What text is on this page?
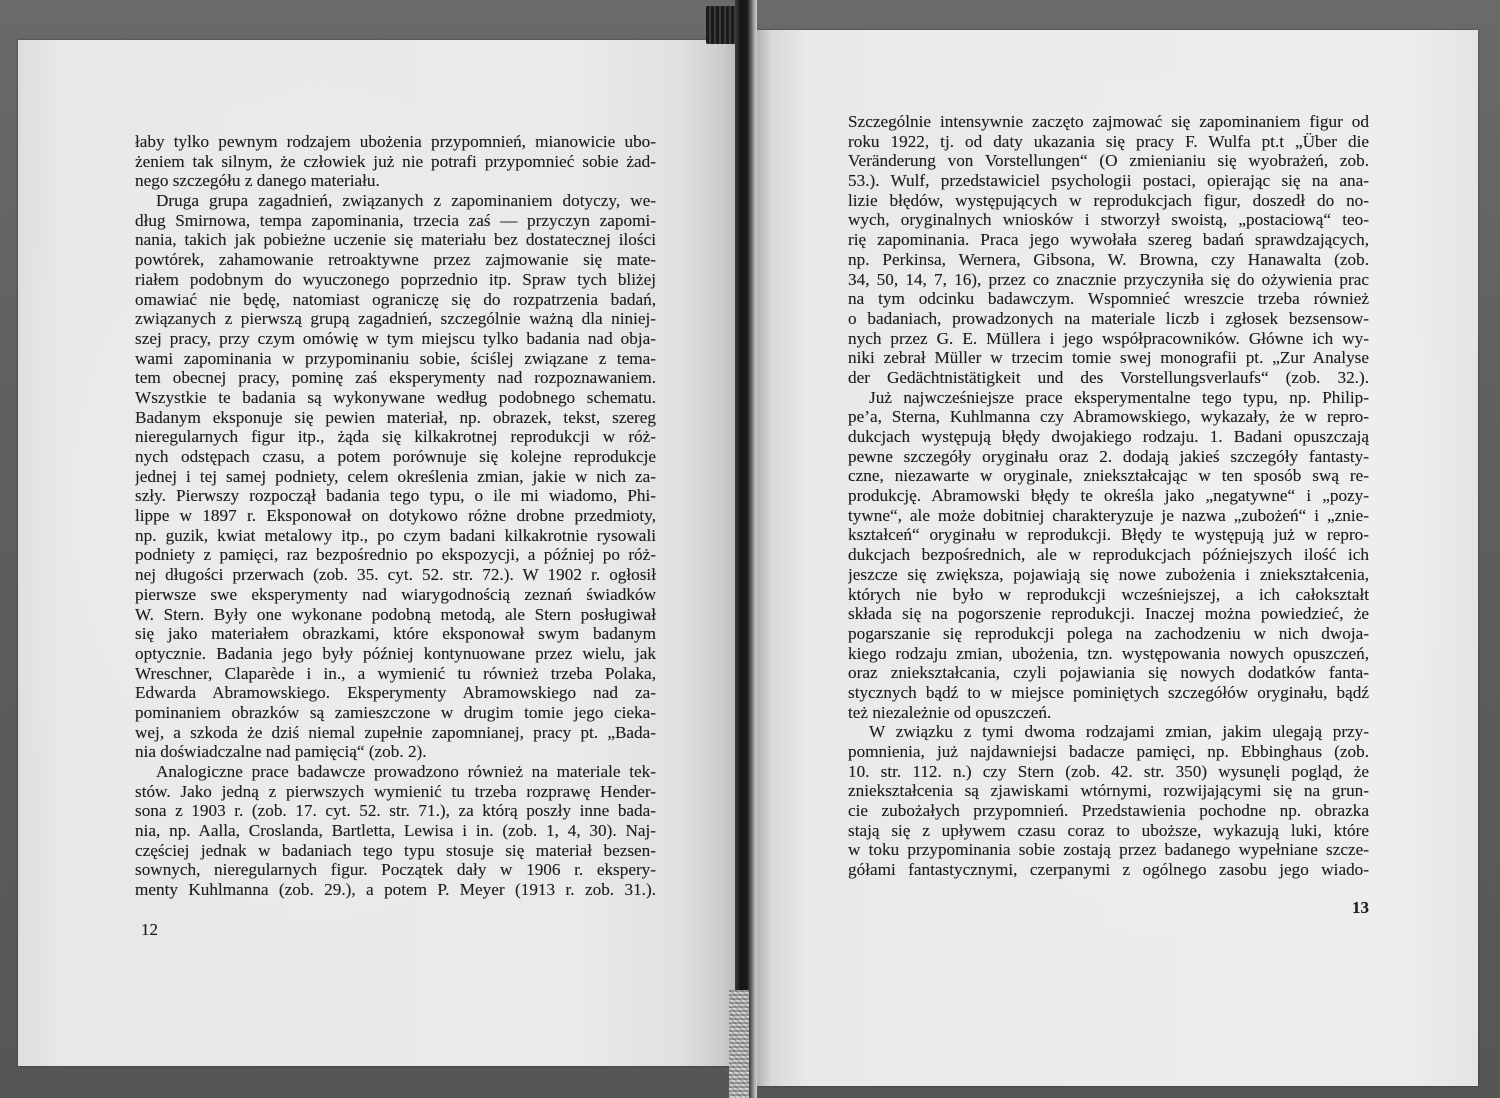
łaby tylko pewnym rodzajem ubożenia przypomnień, mianowicie ubo-
żeniem tak silnym, że człowiek już nie potrafi przypomnieć sobie żad-
nego szczegółu z danego materiału.
Druga grupa zagadnień, związanych z zapominaniem dotyczy, we-
dług Smirnowa, tempa zapominania, trzecia zaś — przyczyn zapomi-
nania, takich jak pobieżne uczenie się materiału bez dostatecznej ilości
powtórek, zahamowanie retroaktywne przez zajmowanie się mate-
riałem podobnym do wyuczonego poprzednio itp. Spraw tych bliżej
omawiać nie będę, natomiast ograniczę się do rozpatrzenia badań,
związanych z pierwszą grupą zagadnień, szczególnie ważną dla niniej-
szej pracy, przy czym omówię w tym miejscu tylko badania nad obja-
wami zapominania w przypominaniu sobie, ściślej związane z tema-
tem obecnej pracy, pominę zaś eksperymenty nad rozpoznawaniem.
Wszystkie te badania są wykonywane według podobnego schematu.
Badanym eksponuje się pewien materiał, np. obrazek, tekst, szereg
nieregularnych figur itp., żąda się kilkakrotnej reprodukcji w róż-
nych odstępach czasu, a potem porównuje się kolejne reprodukcje
jednej i tej samej podniety, celem określenia zmian, jakie w nich za-
szły. Pierwszy rozpoczął badania tego typu, o ile mi wiadomo, Phi-
lippe w 1897 r. Eksponował on dotykowo różne drobne przedmioty,
np. guzik, kwiat metalowy itp., po czym badani kilkakrotnie rysowali
podniety z pamięci, raz bezpośrednio po ekspozycji, a później po róż-
nej długości przerwach (zob. 35. cyt. 52. str. 72.). W 1902 r. ogłosił
pierwsze swe eksperymenty nad wiarygodnością zeznań świadków
W. Stern. Były one wykonane podobną metodą, ale Stern posługiwał
się jako materiałem obrazkami, które eksponował swym badanym
optycznie. Badania jego były później kontynuowane przez wielu, jak
Wreschner, Claparède i in., a wymienić tu również trzeba Polaka,
Edwarda Abramowskiego. Eksperymenty Abramowskiego nad za-
pominaniem obrazków są zamieszczone w drugim tomie jego cieka-
wej, a szkoda że dziś niemal zupełnie zapomnianej, pracy pt. „Bada-
nia doświadczalne nad pamięcią“ (zob. 2).
Analogiczne prace badawcze prowadzono również na materiale tek-
stów. Jako jedną z pierwszych wymienić tu trzeba rozprawę Hender-
sona z 1903 r. (zob. 17. cyt. 52. str. 71.), za którą poszły inne bada-
nia, np. Aalla, Croslanda, Bartletta, Lewisa i in. (zob. 1, 4, 30). Naj-
częściej jednak w badaniach tego typu stosuje się materiał bezsen-
sownych, nieregularnych figur. Początek dały w 1906 r. ekspery-
menty Kuhlmanna (zob. 29.), a potem P. Meyer (1913 r. zob. 31.).
12
Szczególnie intensywnie zaczęto zajmować się zapominaniem figur od
roku 1922, tj. od daty ukazania się pracy F. Wulfa pt.t „Über die
Veränderung von Vorstellungen“ (O zmienianiu się wyobrażeń, zob.
53.). Wulf, przedstawiciel psychologii postaci, opierając się na ana-
lizie błędów, występujących w reprodukcjach figur, doszedł do no-
wych, oryginalnych wniosków i stworzył swoistą, „postaciową“ teo-
rię zapominania. Praca jego wywołała szereg badań sprawdzających,
np. Perkinsa, Wernera, Gibsona, W. Browna, czy Hanawalta (zob.
34, 50, 14, 7, 16), przez co znacznie przyczyniła się do ożywienia prac
na tym odcinku badawczym. Wspomnieć wreszcie trzeba również
o badaniach, prowadzonych na materiale liczb i zgłosek bezsensow-
nych przez G. E. Müllera i jego współpracowników. Główne ich wy-
niki zebrał Müller w trzecim tomie swej monografii pt. „Zur Analyse
der Gedächtnistätigkeit und des Vorstellungsverlaufs“ (zob. 32.).
Już najwcześniejsze prace eksperymentalne tego typu, np. Philip-
pe’a, Sterna, Kuhlmanna czy Abramowskiego, wykazały, że w repro-
dukcjach występują błędy dwojakiego rodzaju. 1. Badani opuszczają
pewne szczegóły oryginału oraz 2. dodają jakieś szczegóły fantasty-
czne, niezawarte w oryginale, zniekształcając w ten sposób swą re-
produkcję. Abramowski błędy te określa jako „negatywne“ i „pozy-
tywne“, ale może dobitniej charakteryzuje je nazwa „zubożeń“ i „znie-
kształceń“ oryginału w reprodukcji. Błędy te występują już w repro-
dukcjach bezpośrednich, ale w reprodukcjach późniejszych ilość ich
jeszcze się zwiększa, pojawiają się nowe zubożenia i zniekształcenia,
których nie było w reprodukcji wcześniejszej, a ich całokształt
składa się na pogorszenie reprodukcji. Inaczej można powiedzieć, że
pogarszanie się reprodukcji polega na zachodzeniu w nich dwoja-
kiego rodzaju zmian, ubożenia, tzn. występowania nowych opuszczeń,
oraz zniekształcania, czyli pojawiania się nowych dodatków fanta-
stycznych bądź to w miejsce pominiętych szczegółów oryginału, bądź
też niezależnie od opuszczeń.
W związku z tymi dwoma rodzajami zmian, jakim ulegają przy-
pomnienia, już najdawniejsi badacze pamięci, np. Ebbinghaus (zob.
10. str. 112. n.) czy Stern (zob. 42. str. 350) wysunęli pogląd, że
zniekształcenia są zjawiskami wtórnymi, rozwijającymi się na grun-
cie zubożałych przypomnień. Przedstawienia pochodne np. obrazka
stają się z upływem czasu coraz to uboższe, wykazują luki, które
w toku przypominania sobie zostają przez badanego wypełniane szcze-
gółami fantastycznymi, czerpanymi z ogólnego zasobu jego wiado-
13
